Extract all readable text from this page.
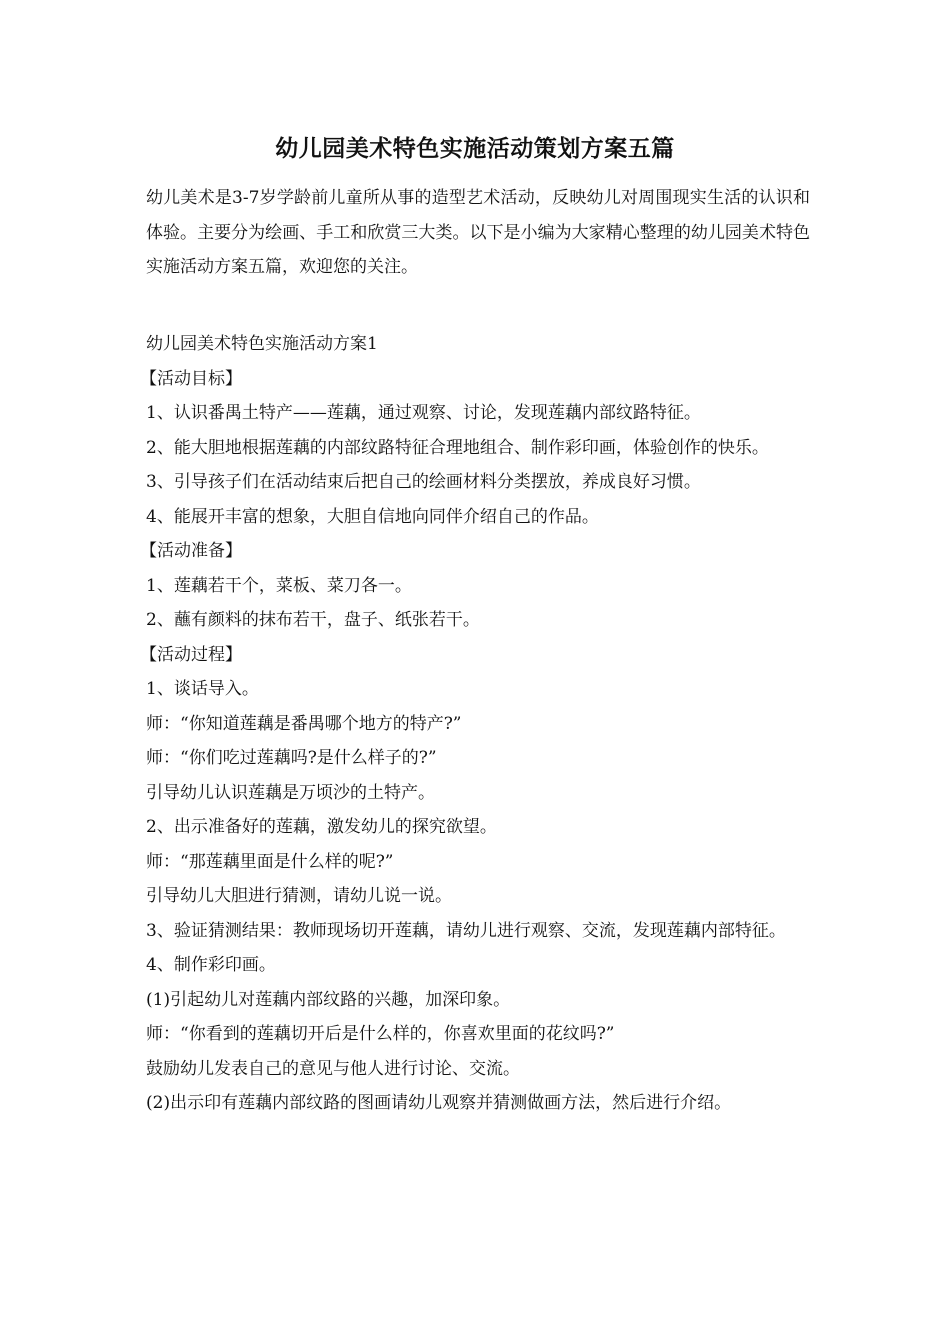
幼儿园美术特色实施活动策划方案五篇
幼儿美术是3-7岁学龄前儿童所从事的造型艺术活动，反映幼儿对周围现实生活的认识和体验。主要分为绘画、手工和欣赏三大类。以下是小编为大家精心整理的幼儿园美术特色实施活动方案五篇，欢迎您的关注。
幼儿园美术特色实施活动方案1
【活动目标】
1、认识番禺土特产——莲藕，通过观察、讨论，发现莲藕内部纹路特征。
2、能大胆地根据莲藕的内部纹路特征合理地组合、制作彩印画，体验创作的快乐。
3、引导孩子们在活动结束后把自己的绘画材料分类摆放，养成良好习惯。
4、能展开丰富的想象，大胆自信地向同伴介绍自己的作品。
【活动准备】
1、莲藕若干个，菜板、菜刀各一。
2、蘸有颜料的抹布若干，盘子、纸张若干。
【活动过程】
1、谈话导入。
师：“你知道莲藕是番禺哪个地方的特产?”
师：“你们吃过莲藕吗?是什么样子的?”
引导幼儿认识莲藕是万顷沙的土特产。
2、出示准备好的莲藕，激发幼儿的探究欲望。
师：“那莲藕里面是什么样的呢?”
引导幼儿大胆进行猜测，请幼儿说一说。
3、验证猜测结果：教师现场切开莲藕，请幼儿进行观察、交流，发现莲藕内部特征。
4、制作彩印画。
(1)引起幼儿对莲藕内部纹路的兴趣，加深印象。
师：“你看到的莲藕切开后是什么样的，你喜欢里面的花纹吗?”
鼓励幼儿发表自己的意见与他人进行讨论、交流。
(2)出示印有莲藕内部纹路的图画请幼儿观察并猜测做画方法，然后进行介绍。
